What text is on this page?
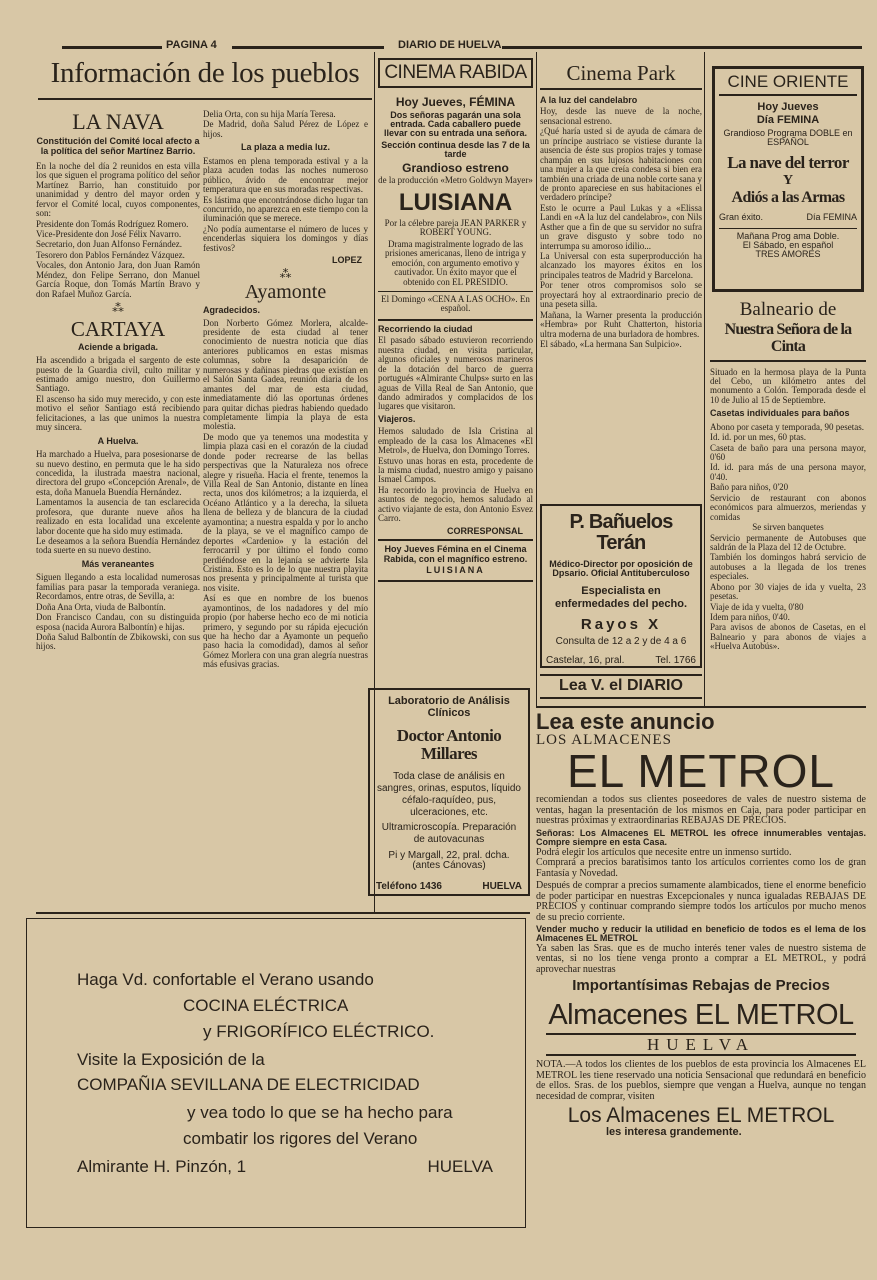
PAGINA 4	DIARIO DE HUELVA
Información de los pueblos
LA NAVA

Constitución del Comité local afecto a la política del señor Martínez Barrio.

En la noche del día 2 reunidos en esta villa los que siguen el programa político del señor Martínez Barrio, han constituido por unanimidad y dentro del mayor orden y fervor el Comité local, cuyos componentes, son:

Presidente don Tomás Rodríguez Romero.

Vice-Presidente don José Félix Navarro.

Secretario, don Juan Alfonso Fernández.

Tesorero don Pablos Fernández Vázquez.

Vocales, don Antonio Jara, don Juan Ramón Méndez, don Felipe Serrano, don Manuel García Roque, don Tomás Martín Bravo y don Rafael Muñoz García.

⁂
CARTAYA

Aciende a brigada.

Ha ascendido a brigada el sargento de este puesto de la Guardia civil, culto militar y estimado amigo nuestro, don Guillermo Santiago.

El ascenso ha sido muy merecido, y con este motivo el señor Santiago está recibiendo felicitaciones, a las que unimos la nuestra muy sincera.

A Huelva.

Ha marchado a Huelva, para posesionarse de su nuevo destino, en permuta que le ha sido concedida, la ilustrada maestra nacional, directora del grupo «Concepción Arenal», de esta, doña Manuela Buendía Hernández.

Lamentamos la ausencia de tan esclarecida profesora, que durante nueve años ha realizado en esta localidad una excelente labor docente que ha sido muy estimada.

Le deseamos a la señora Buendía Hernández toda suerte en su nuevo destino.

Más veraneantes

Siguen llegando a esta localidad numerosas familias para pasar la temporada veraniega. Recordamos, entre otras, de Sevilla, a:

Doña Ana Orta, viuda de Balbontín.

Don Francisco Candau, con su distinguida esposa (nacida Aurora Balbontín) e hijas.

Doña Salud Balbontín de Zbikowski, con sus hijos.

Delia Orta, con su hija María Teresa.

De Madrid, doña Salud Pérez de López e hijos.

La plaza a media luz.

Estamos en plena temporada estival y a la plaza acuden todas las noches numeroso público, ávido de encontrar mejor temperatura que en sus moradas respectivas.

Es lástima que encontrándose dicho lugar tan concurrido, no aparezca en este tiempo con la iluminación que se merece.

¿No podía aumentarse el número de luces y encenderlas siquiera los domingos y días festivos?

LOPEZ

⁂
Ayamonte

Agradecidos.

Don Norberto Gómez Morlera, alcalde-presidente de esta ciudad al tener conocimiento de nuestra noticia que días anteriores publicamos en estas mismas columnas, sobre la desaparición de numerosas y dañinas piedras que existían en el Salón Santa Gadea, reunión diaria de los amantes del mar de esta ciudad, inmediatamente dió las oportunas órdenes para quitar dichas piedras habiendo quedado completamente limpia la playa de esta molestia.

De modo que ya tenemos una modestita y limpia plaza casi en el corazón de la ciudad donde poder recrearse de las bellas perspectivas que la Naturaleza nos ofrece alegre y risueña. Hacia el frente, tenemos la Villa Real de San Antonio, distante en línea recta, unos dos kilómetros; a la izquierda, el Océano Atlántico y a la derecha, la silueta llena de belleza y de blancura de la ciudad ayamontina; a nuestra espalda y por lo ancho de la playa, se ve el magnífico campo de deportes «Cardenio» y la estación del ferrocarril y por último el fondo como perdiéndose en la lejanía se advierte Isla Cristina. Esto es lo de lo que nuestra playita nos presenta y principalmente al turista que nos visite.

Así es que en nombre de los buenos ayamontinos, de los nadadores y del mío propio (por haberse hecho eco de mi noticia primero, y segundo por su rápida ejecución que ha hecho dar a Ayamonte un pequeño paso hacia la comodidad), damos al señor Gómez Morlera con una gran alegría nuestras más efusivas gracias.

CINEMA RABIDA

Hoy Jueves, FÉMINA

Dos señoras pagarán una sola entrada. Cada caballero puede llevar con su entrada una señora.

Sección continua desde las 7 de la tarde

Grandioso estreno

de la producción «Metro Goldwyn Mayer»

LUISIANA

Por la célebre pareja JEAN PARKER y ROBERT YOUNG.

Drama magistralmente logrado de las prisiones americanas, lleno de intriga y emoción, con argumento emotivo y cautivador. Un éxito mayor que el obtenido con EL PRESIDIO.

El Domingo «CENA A LAS OCHO». En español.

Recorriendo la ciudad

El pasado sábado estuvieron recorriendo nuestra ciudad, en visita particular, algunos oficiales y numerosos marineros de la dotación del barco de guerra portugués «Almirante Chulps» surto en las aguas de Villa Real de San Antonio, que dando admirados y complacidos de los lugares que visitaron.

Viajeros.

Hemos saludado de Isla Cristina al empleado de la casa los Almacenes «El Metrol», de Huelva, don Domingo Torres.

Estuvo unas horas en esta, procedente de la misma ciudad, nuestro amigo y paisano Ismael Campos.

Ha recorrido la provincia de Huelva en asuntos de negocio, hemos saludado al activo viajante de esta, don Antonio Esvez Carro.

CORRESPONSAL

Hoy Jueves Fémina en el Cinema Rabida, con el magnífico estreno.

LUISIANA

Laboratorio de Análisis Clínicos

Doctor Antonio Millares

Toda clase de análisis en sangres, orinas, esputos, líquido céfalo-raquídeo, pus, ulceraciones, etc.

Ultramicroscopía. Preparación de autovacunas

Pi y Margall, 22, pral. dcha. (antes Cánovas)

Teléfono 1436	HUELVA
Cinema Park

A la luz del candelabro

Hoy, desde las nueve de la noche, sensacional estreno.

¿Qué haría usted si de ayuda de cámara de un príncipe austriaco se vistiese durante la ausencia de éste sus propios trajes y tomase champán en sus lujosos habitaciones con una mujer a la que creía condesa si bien era también una criada de una noble corte sana y de pronto apareciese en sus habitaciones el verdadero príncipe?

Esto le ocurre a Paul Lukas y a «Elissa Landi en «A la luz del candelabro», con Nils Asther que a fin de que su servidor no sufra un grave disgusto y sobre todo no interrumpa su amoroso idilio...

La Universal con esta superproducción ha alcanzado los mayores éxitos en los principales teatros de Madrid y Barcelona.

Por tener otros compromisos solo se proyectará hoy al extraordinario precio de una peseta silla.

Mañana, la Warner presenta la producción «Hembra» por Ruht Chatterton, historia ultra moderna de una burladora de hombres.

El sábado, «La hermana San Sulpicio».

P. Bañuelos Terán

Médico-Director por oposición de Dpsario. Oficial Antituberculoso

Especialista en enfermedades del pecho.

Rayos X

Consulta de 12 a 2 y de 4 a 6

Castelar, 16, pral.	Tel. 1766
Lea V. el DIARIO

CINE ORIENTE

Hoy Jueves

Día FEMINA

Grandioso Programa DOBLE en ESPAÑOL

La nave del terror

Y

Adiós a las Armas

Gran éxito.	Día FEMINA

Mañana Prog ama Doble.

El Sábado, en español

TRES AMORES

Balneario de

Nuestra Señora de la Cinta

Situado en la hermosa playa de la Punta del Cebo, un kilómetro antes del monumento a Colón. Temporada desde el 10 de Julio al 15 de Septiembre.

Casetas individuales para baños

Abono por caseta y temporada, 90 pesetas.

Id. id. por un mes, 60 ptas.

Caseta de baño para una persona mayor, 0'60

Id. id. para más de una persona mayor, 0'40.

Baño para niños, 0'20

Servicio de restaurant con abonos económicos para almuerzos, meriendas y comidas

Se sirven banquetes

Servicio permanente de Autobuses que saldrán de la Plaza del 12 de Octubre.

También los domingos habrá servicio de autobuses a la llegada de los trenes especiales.

Abono por 30 viajes de ida y vuelta, 23 pesetas.

Viaje de ida y vuelta, 0'80

Idem para niños, 0'40.

Para avisos de abonos de Casetas, en el Balneario y para abonos de viajes a «Huelva Autobús».

Lea este anuncio

LOS ALMACENES

EL METROL

recomiendan a todos sus clientes poseedores de vales de nuestro sistema de ventas, hagan la presentación de los mismos en Caja, para poder participar en nuestras próximas y extraordinarias REBAJAS DE PRECIOS.

Señoras: Los Almacenes EL METROL les ofrece innumerables ventajas. Compre siempre en esta Casa.

Podrá elegir los artículos que necesite entre un inmenso surtido.

Comprará a precios baratísimos tanto los artículos corrientes como los de gran Fantasía y Novedad.

Después de comprar a precios sumamente alambicados, tiene el enorme beneficio de poder participar en nuestras Excepcionales y nunca igualadas REBAJAS DE PRECIOS y continuar comprando siempre todos los artículos por mucho menos de su precio corriente.

Vender mucho y reducir la utilidad en beneficio de todos es el lema de los Almacenes EL METROL

Ya saben las Sras. que es de mucho interés tener vales de nuestro sistema de ventas, si no los tiene venga pronto a comprar a EL METROL, y podrá aprovechar nuestras

Importantísimas Rebajas de Precios

Almacenes EL METROL

HUELVA

NOTA.—A todos los clientes de los pueblos de esta provincia los Almacenes EL METROL les tiene reservado una noticia Sensacional que redundará en beneficio de ellos. Sras. de los pueblos, siempre que vengan a Huelva, aunque no tengan necesidad de comprar, visiten

Los Almacenes EL METROL

les interesa grandemente.

Haga Vd. confortable el Verano usando

COCINA ELÉCTRICA

y FRIGORÍFICO ELÉCTRICO.

Visite la Exposición de la

COMPAÑIA SEVILLANA DE ELECTRICIDAD

y vea todo lo que se ha hecho para

combatir los rigores del Verano

Almirante H. Pinzón, 1	HUELVA
